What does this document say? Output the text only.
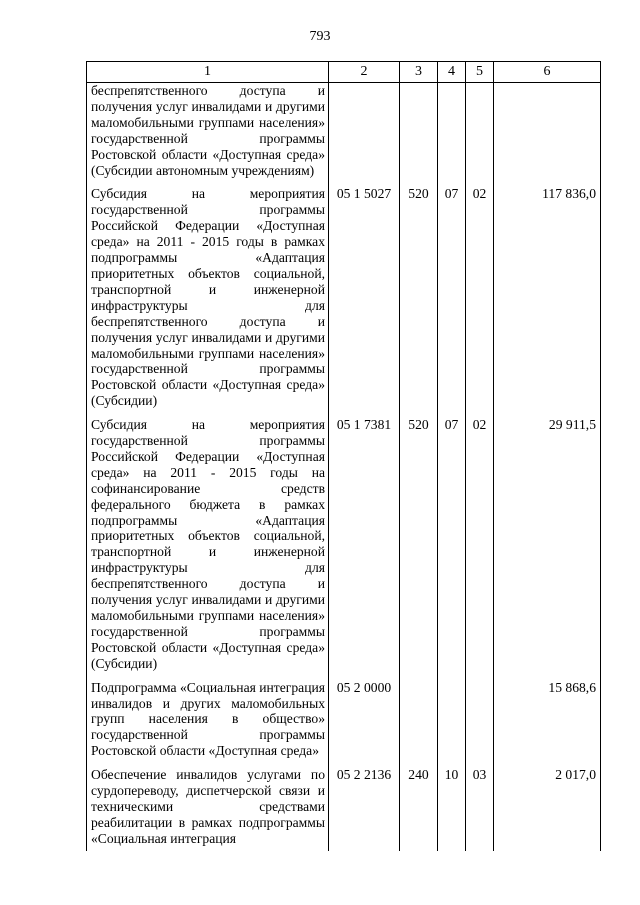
793
1	2	3	4	5	6
беспрепятственного доступа и получения услуг инвалидами и другими маломобильными группами населения» государственной программы Ростовской области «Доступная среда» (Субсидии автономным учреждениям)					
Субсидия на мероприятия государственной программы Российской Федерации «Доступная среда» на 2011 - 2015 годы в рамках подпрограммы «Адаптация приоритетных объектов социальной, транспортной и инженерной инфраструктуры для беспрепятственного доступа и получения услуг инвалидами и другими маломобильными группами населения» государственной программы Ростовской области «Доступная среда» (Субсидии)	05 1 5027	520	07	02	117 836,0
Субсидия на мероприятия государственной программы Российской Федерации «Доступная среда» на 2011 - 2015 годы на софинансирование средств федерального бюджета в рамках подпрограммы «Адаптация приоритетных объектов социальной, транспортной и инженерной инфраструктуры для беспрепятственного доступа и получения услуг инвалидами и другими маломобильными группами населения» государственной программы Ростовской области «Доступная среда» (Субсидии)	05 1 7381	520	07	02	29 911,5
Подпрограмма «Социальная интеграция инвалидов и других маломобильных групп населения в общество» государственной программы Ростовской области «Доступная среда»	05 2 0000				15 868,6
Обеспечение инвалидов услугами по сурдопереводу, диспетчерской связи и техническими средствами реабилитации в рамках подпрограммы «Социальная интеграция	05 2 2136	240	10	03	2 017,0
